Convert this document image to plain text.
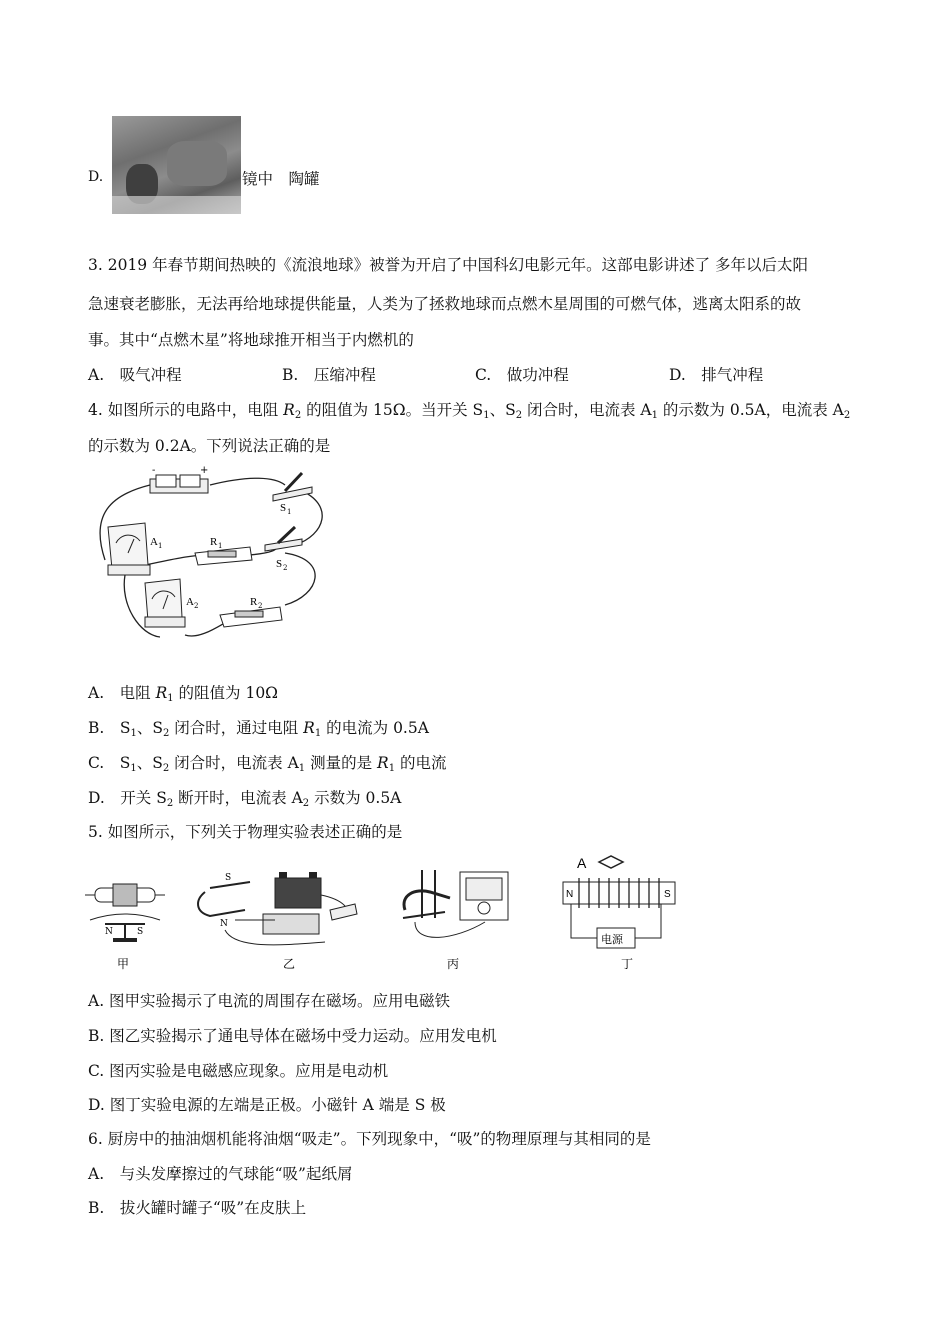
D.	镜中　陶罐
3. 2019 年春节期间热映的《流浪地球》被誉为开启了中国科幻电影元年。这部电影讲述了 多年以后太阳
急速衰老膨胀，无法再给地球提供能量，人类为了拯救地球而点燃木星周围的可燃气体，逃离太阳系的故
事。其中“点燃木星”将地球推开相当于内燃机的
A.　吸气冲程	B.　压缩冲程	C.　做功冲程	D.　排气冲程
4. 如图所示的电路中，电阻 $R_2$ 的阻值为 15Ω。当开关 $S_1$、$S_2$ 闭合时，电流表 $A_1$ 的示数为 0.5A，电流表 $A_2$
的示数为 0.2A。下列说法正确的是
-	+
S 1
A 1	R 1
S 2
A 2	R 2
A.　电阻 $R_1$ 的阻值为 10Ω
B.　$S_1$、$S_2$ 闭合时，通过电阻 $R_1$ 的电流为 0.5A
C.　$S_1$、$S_2$ 闭合时，电流表 $A_1$ 测量的是 $R_1$ 的电流
D.　开关 $S_2$ 断开时，电流表 $A_2$ 示数为 0.5A
5. 如图所示，下列关于物理实验表述正确的是
N	S
甲
S
N
乙	丙
A
N	S
电源
丁
A. 图甲实验揭示了电流的周围存在磁场。应用电磁铁
B. 图乙实验揭示了通电导体在磁场中受力运动。应用发电机
C. 图丙实验是电磁感应现象。应用是电动机
D. 图丁实验电源的左端是正极。小磁针 A 端是 S 极
6. 厨房中的抽油烟机能将油烟“吸走”。下列现象中，“吸”的物理原理与其相同的是
A.　与头发摩擦过的气球能“吸”起纸屑
B.　拔火罐时罐子“吸”在皮肤上
